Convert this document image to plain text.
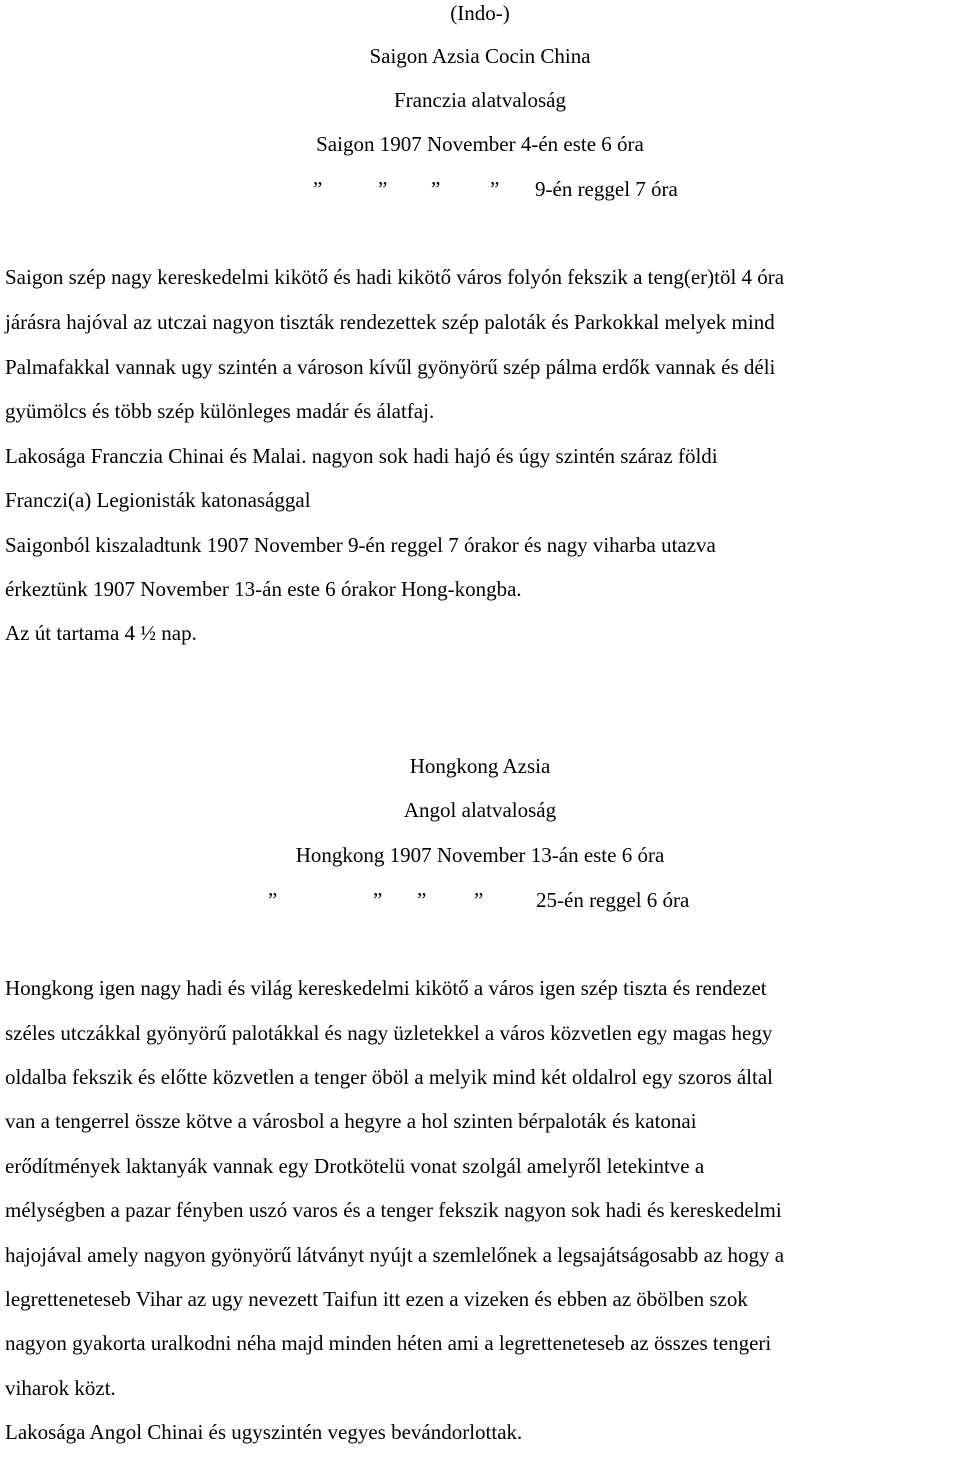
(Indo-)
Saigon Azsia Cocin China
Franczia alatvaloság
Saigon 1907 November 4-én este 6 óra
”	” ” ” 9-én reggel 7 óra
Saigon szép nagy kereskedelmi kikötő és hadi kikötő város folyón fekszik a teng(er)töl 4 óra
járásra hajóval az utczai nagyon tiszták rendezettek szép paloták és Parkokkal melyek mind
Palmafakkal vannak ugy szintén a városon kívűl gyönyörű szép pálma erdők vannak és déli
gyümölcs és több szép különleges madár és álatfaj.
Lakosága Franczia Chinai és Malai. nagyon sok hadi hajó és úgy szintén száraz földi
Franczi(a) Legionisták katonasággal
Saigonból kiszaladtunk 1907 November 9-én reggel 7 órakor és nagy viharba utazva
érkeztünk 1907 November 13-án este 6 órakor Hong-kongba.
Az út tartama 4 ½ nap.
Hongkong Azsia
Angol alatvaloság
Hongkong 1907 November 13-án este 6 óra
”	” ” ”	25-én reggel 6 óra
Hongkong igen nagy hadi és világ kereskedelmi kikötő a város igen szép tiszta és rendezet
széles utczákkal gyönyörű palotákkal és nagy üzletekkel a város közvetlen egy magas hegy
oldalba fekszik és előtte közvetlen a tenger öböl a melyik mind két oldalrol egy szoros által
van a tengerrel össze kötve a városbol a hegyre a hol szinten bérpaloták és katonai
erődítmények laktanyák vannak egy Drotkötelü vonat szolgál amelyről letekintve a
mélységben a pazar fényben uszó varos és a tenger fekszik nagyon sok hadi és kereskedelmi
hajojával amely nagyon gyönyörű látványt nyújt a szemlelőnek a legsajátságosabb az hogy a
legretteneteseb Vihar az ugy nevezett Taifun itt ezen a vizeken és ebben az öbölben szok
nagyon gyakorta uralkodni néha majd minden héten ami a legretteneteseb az összes tengeri
viharok közt.
Lakosága Angol Chinai és ugyszintén vegyes bevándorlottak.
